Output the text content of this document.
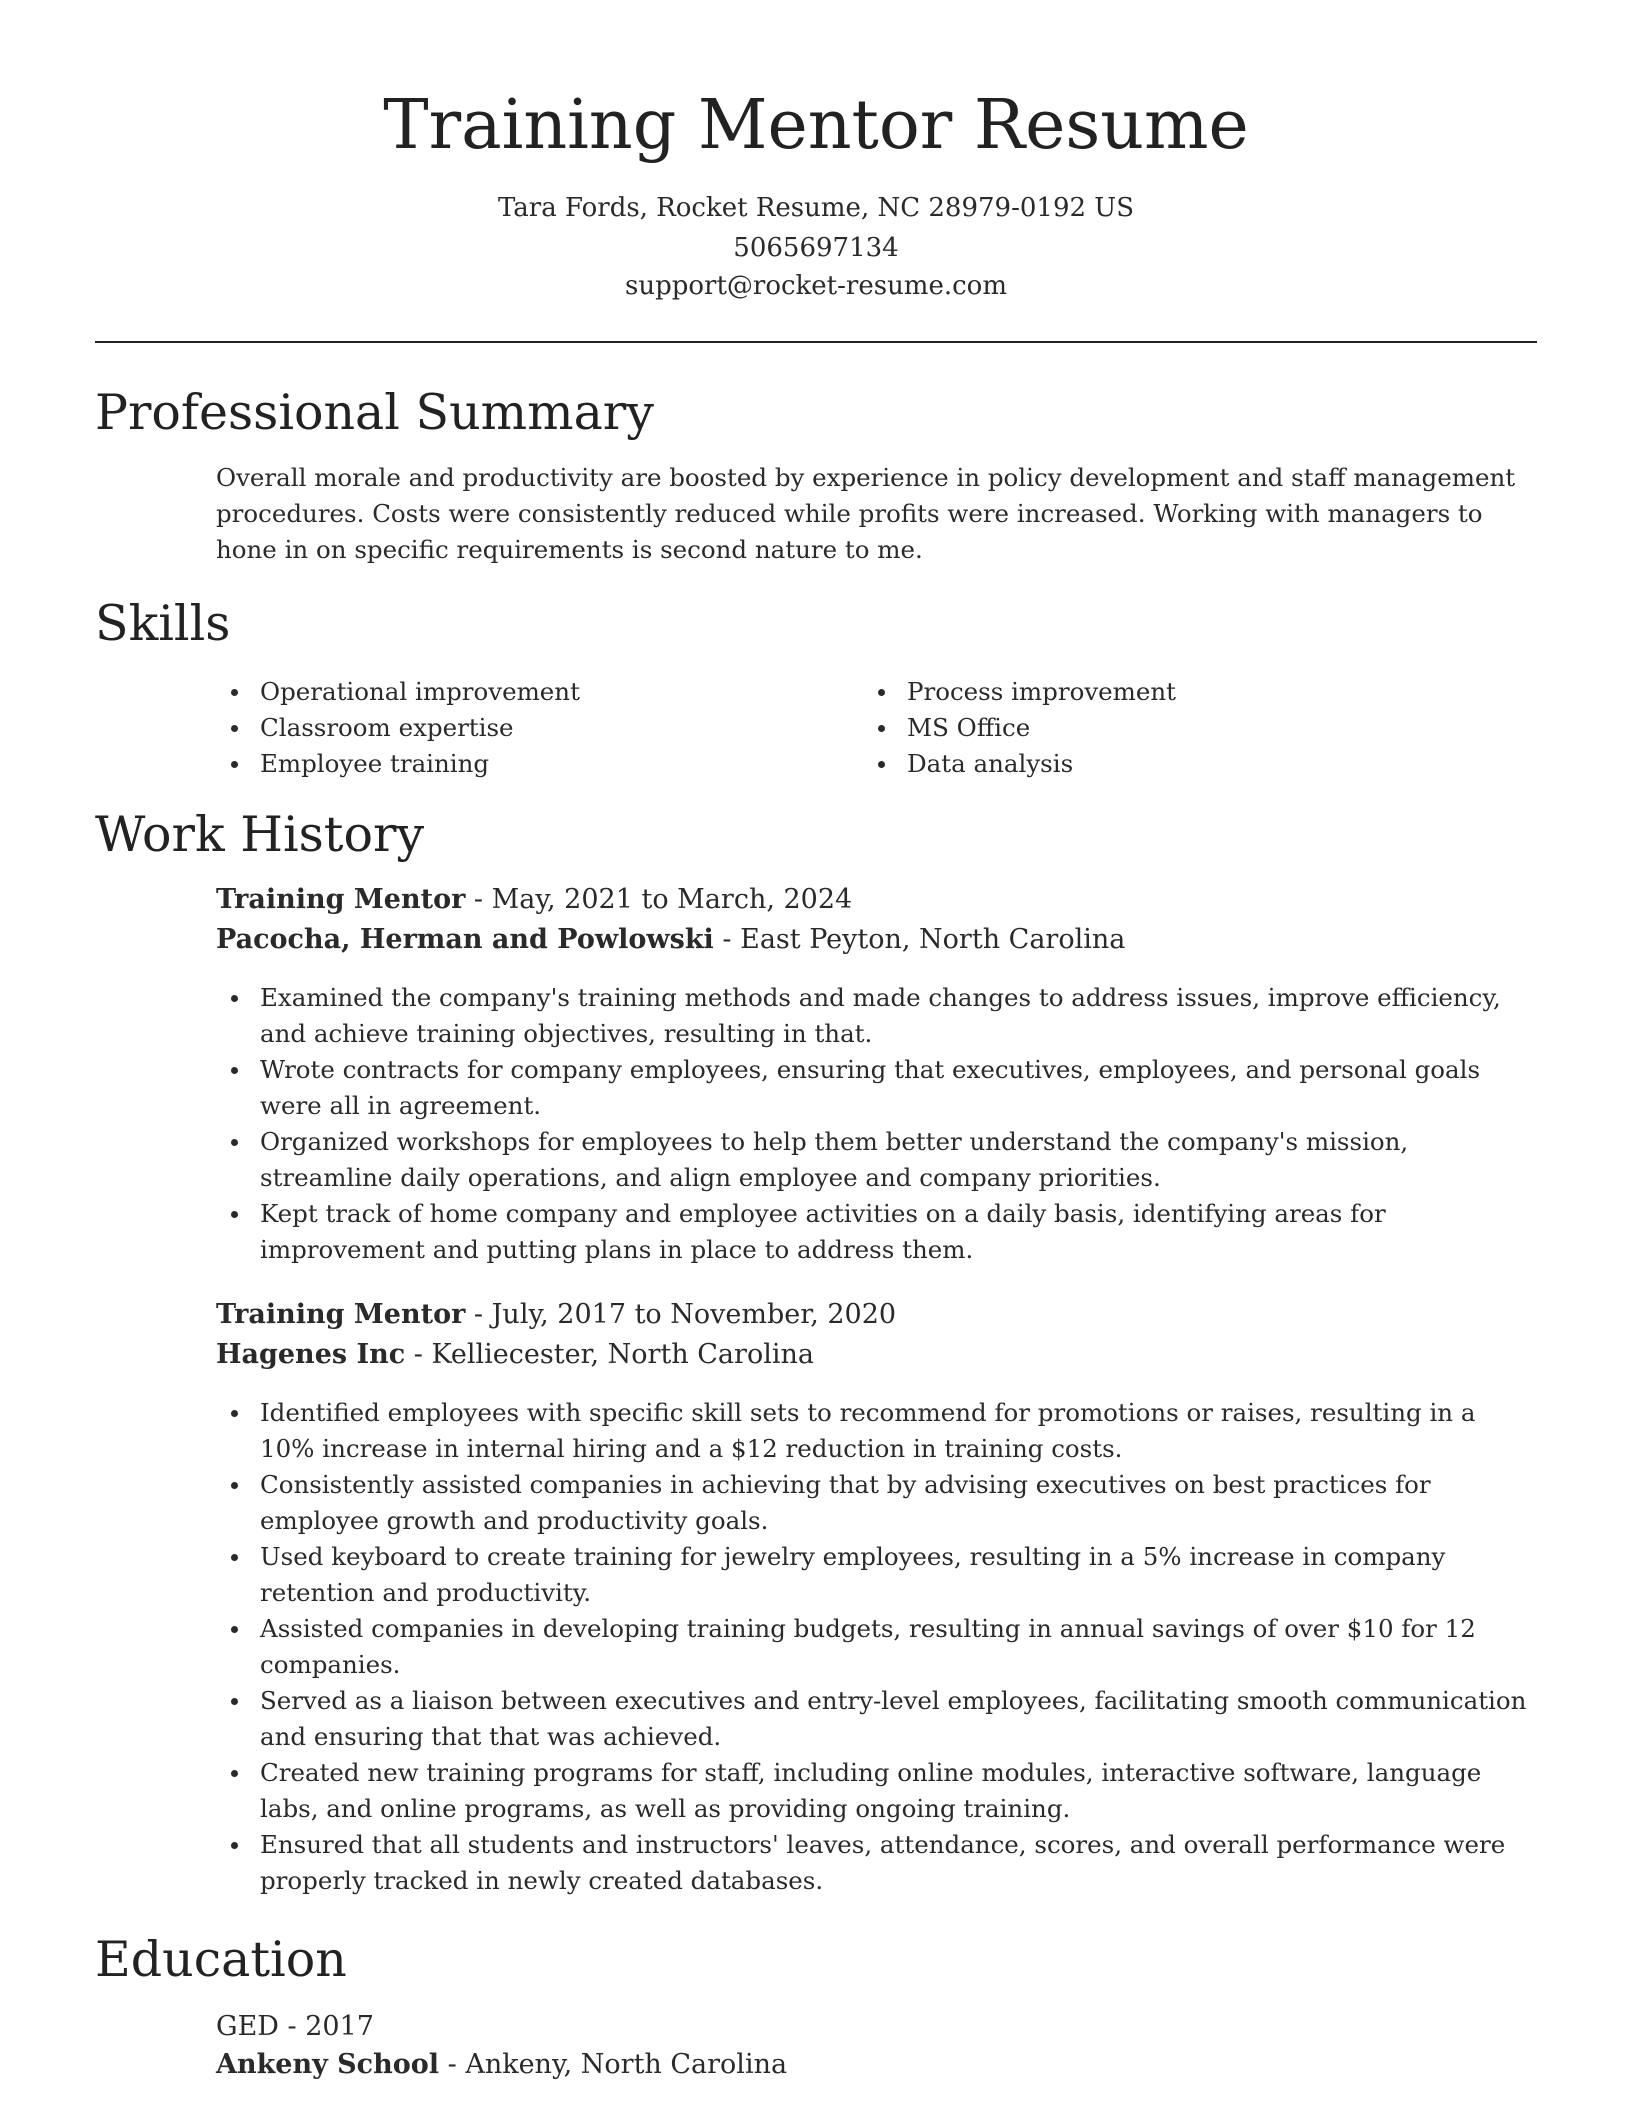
Training Mentor Resume
Tara Fords, Rocket Resume, NC 28979-0192 US
5065697134
support@rocket-resume.com
Professional Summary

Overall morale and productivity are boosted by experience in policy development and staff management procedures. Costs were consistently reduced while profits were increased. Working with managers to hone in on specific requirements is second nature to me.

Skills
Operational improvement
Classroom expertise
Employee training
Process improvement
MS Office
Data analysis
Work History
Training Mentor - May, 2021 to March, 2024
Pacocha, Herman and Powlowski - East Peyton, North Carolina
Examined the company's training methods and made changes to address issues, improve efficiency, and achieve training objectives, resulting in that.
Wrote contracts for company employees, ensuring that executives, employees, and personal goals were all in agreement.
Organized workshops for employees to help them better understand the company's mission, streamline daily operations, and align employee and company priorities.
Kept track of home company and employee activities on a daily basis, identifying areas for improvement and putting plans in place to address them.
Training Mentor - July, 2017 to November, 2020
Hagenes Inc - Kelliecester, North Carolina
Identified employees with specific skill sets to recommend for promotions or raises, resulting in a 10% increase in internal hiring and a $12 reduction in training costs.
Consistently assisted companies in achieving that by advising executives on best practices for employee growth and productivity goals.
Used keyboard to create training for jewelry employees, resulting in a 5% increase in company retention and productivity.
Assisted companies in developing training budgets, resulting in annual savings of over $10 for 12 companies.
Served as a liaison between executives and entry-level employees, facilitating smooth communication and ensuring that that was achieved.
Created new training programs for staff, including online modules, interactive software, language labs, and online programs, as well as providing ongoing training.
Ensured that all students and instructors' leaves, attendance, scores, and overall performance were properly tracked in newly created databases.
Education
GED - 2017
Ankeny School - Ankeny, North Carolina
